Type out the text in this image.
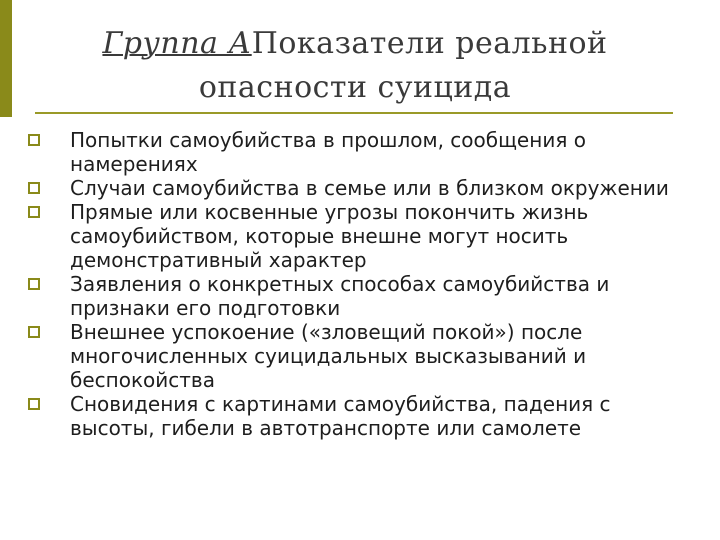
Группа АПоказатели реальной опасности суицида
Попытки самоубийства в прошлом, сообщения о намерениях
Случаи самоубийства в семье или в близком окружении
Прямые или косвенные угрозы покончить жизнь самоубийством, которые внешне могут носить демонстративный характер
Заявления о конкретных способах самоубийства и признаки его подготовки
Внешнее успокоение («зловещий покой») после многочисленных суицидальных высказываний и беспокойства
Сновидения с картинами самоубийства, падения с высоты, гибели в автотранспорте или самолете
